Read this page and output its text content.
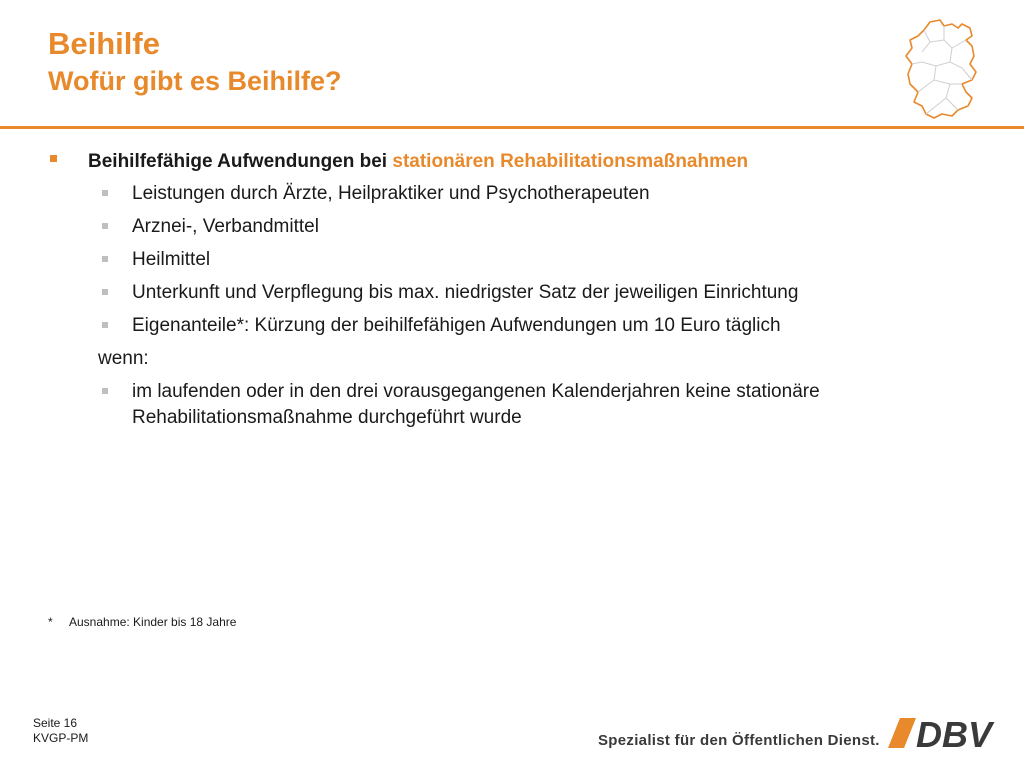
Beihilfe
Wofür gibt es Beihilfe?
Beihilfefähige Aufwendungen bei stationären Rehabilitationsmaßnahmen
Leistungen durch Ärzte, Heilpraktiker und Psychotherapeuten
Arznei-, Verbandmittel
Heilmittel
Unterkunft und Verpflegung bis max. niedrigster Satz der jeweiligen Einrichtung
Eigenanteile*: Kürzung der beihilfefähigen Aufwendungen um 10 Euro täglich
wenn:
im laufenden oder in den drei vorausgegangenen Kalenderjahren keine stationäre
Rehabilitationsmaßnahme durchgeführt wurde
* Ausnahme: Kinder bis 18 Jahre
Seite 16
KVGP-PM	Spezialist für den Öffentlichen Dienst. DBV
